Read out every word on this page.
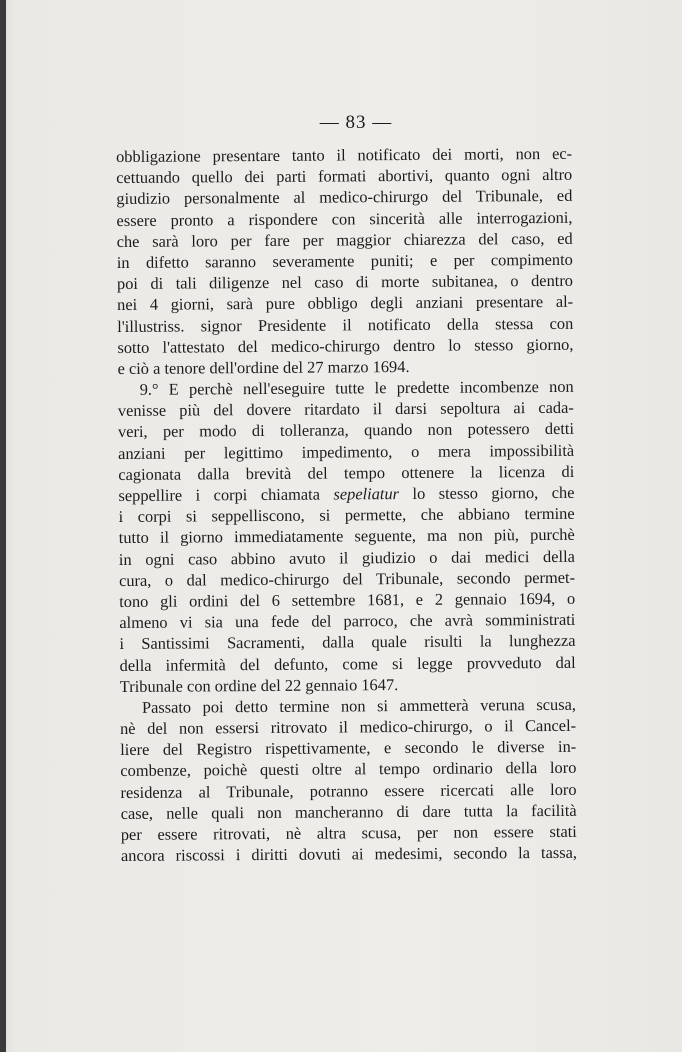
— 83 —
obbligazione presentare tanto il notificato dei morti, non ec-
cettuando quello dei parti formati abortivi, quanto ogni altro
giudizio personalmente al medico-chirurgo del Tribunale, ed
essere pronto a rispondere con sincerità alle interrogazioni,
che sarà loro per fare per maggior chiarezza del caso, ed
in difetto saranno severamente puniti; e per compimento
poi di tali diligenze nel caso di morte subitanea, o dentro
nei 4 giorni, sarà pure obbligo degli anziani presentare al-
l'illustriss. signor Presidente il notificato della stessa con
sotto l'attestato del medico-chirurgo dentro lo stesso giorno,
e ciò a tenore dell'ordine del 27 marzo 1694.
9.° E perchè nell'eseguire tutte le predette incombenze non
venisse più del dovere ritardato il darsi sepoltura ai cada-
veri, per modo di tolleranza, quando non potessero detti
anziani per legittimo impedimento, o mera impossibilità
cagionata dalla brevità del tempo ottenere la licenza di
seppellire i corpi chiamata sepeliatur lo stesso giorno, che
i corpi si seppelliscono, si permette, che abbiano termine
tutto il giorno immediatamente seguente, ma non più, purchè
in ogni caso abbino avuto il giudizio o dai medici della
cura, o dal medico-chirurgo del Tribunale, secondo permet-
tono gli ordini del 6 settembre 1681, e 2 gennaio 1694, o
almeno vi sia una fede del parroco, che avrà somministrati
i Santissimi Sacramenti, dalla quale risulti la lunghezza
della infermità del defunto, come si legge provveduto dal
Tribunale con ordine del 22 gennaio 1647.
Passato poi detto termine non si ammetterà veruna scusa,
nè del non essersi ritrovato il medico-chirurgo, o il Cancel-
liere del Registro rispettivamente, e secondo le diverse in-
combenze, poichè questi oltre al tempo ordinario della loro
residenza al Tribunale, potranno essere ricercati alle loro
case, nelle quali non mancheranno di dare tutta la facilità
per essere ritrovati, nè altra scusa, per non essere stati
ancora riscossi i diritti dovuti ai medesimi, secondo la tassa,
